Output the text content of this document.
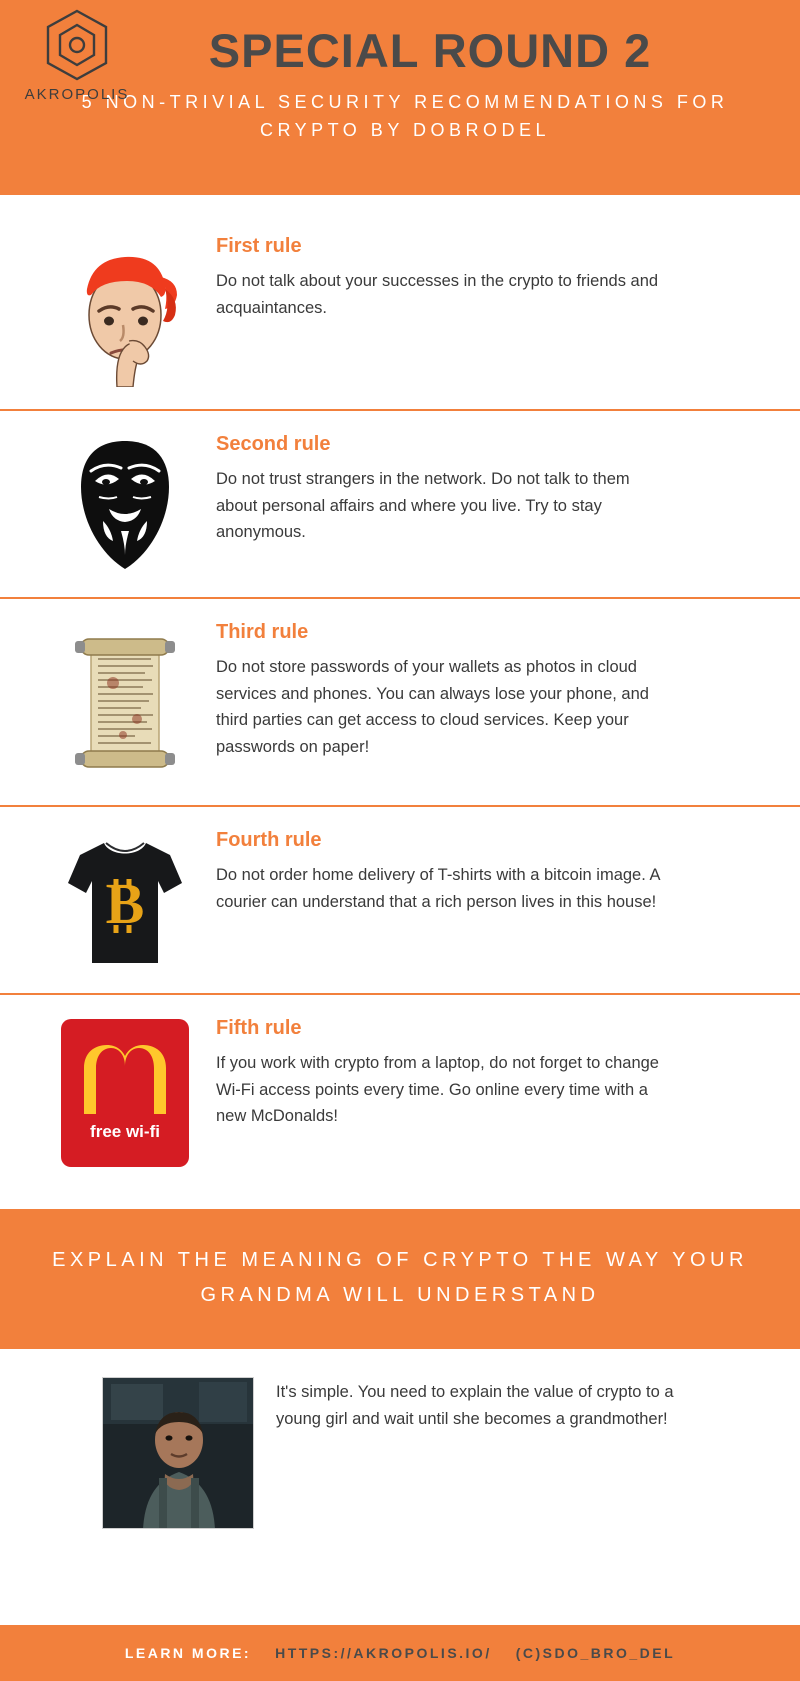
AKROPOLIS
SPECIAL ROUND 2
5 NON-TRIVIAL SECURITY RECOMMENDATIONS FOR CRYPTO BY DOBRODEL
First rule

Do not talk about your successes in the crypto to friends and acquaintances.

Second rule

Do not trust strangers in the network. Do not talk to them about personal affairs and where you live. Try to stay anonymous.

Third rule

Do not store passwords of your wallets as photos in cloud services and phones. You can always lose your phone, and third parties can get access to cloud services. Keep your passwords on paper!

B
Fourth rule

Do not order home delivery of T-shirts with a bitcoin image. A courier can understand that a rich person lives in this house!

free wi-fi
Fifth rule

If you work with crypto from a laptop, do not forget to change Wi-Fi access points every time. Go online every time with a new McDonalds!

EXPLAIN THE MEANING OF CRYPTO THE WAY YOUR GRANDMA WILL UNDERSTAND
It's simple. You need to explain the value of crypto to a young girl and wait until she becomes a grandmother!
LEARN MORE: HTTPS://AKROPOLIS.IO/ (C)ЅDO_BRO_DEL
